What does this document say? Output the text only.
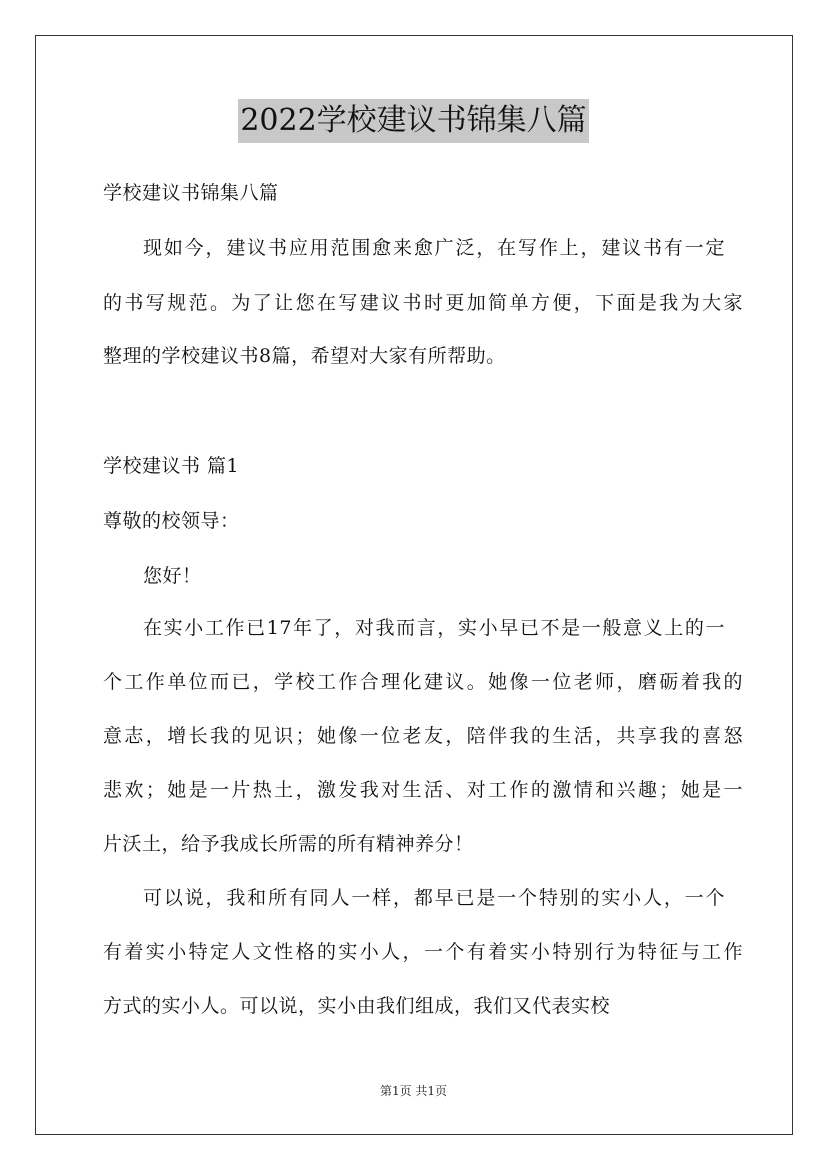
2022学校建议书锦集八篇
学校建议书锦集八篇
现如今，建议书应用范围愈来愈广泛，在写作上，建议书有一定
的书写规范。为了让您在写建议书时更加简单方便，下面是我为大家
整理的学校建议书8篇，希望对大家有所帮助。
学校建议书 篇1
尊敬的校领导：
您好！
在实小工作已17年了，对我而言，实小早已不是一般意义上的一
个工作单位而已，学校工作合理化建议。她像一位老师，磨砺着我的
意志，增长我的见识；她像一位老友，陪伴我的生活，共享我的喜怒
悲欢；她是一片热土，激发我对生活、对工作的激情和兴趣；她是一
片沃土，给予我成长所需的所有精神养分！
可以说，我和所有同人一样，都早已是一个特别的实小人，一个
有着实小特定人文性格的实小人，一个有着实小特别行为特征与工作
方式的实小人。可以说，实小由我们组成，我们又代表实校
第1页 共1页
